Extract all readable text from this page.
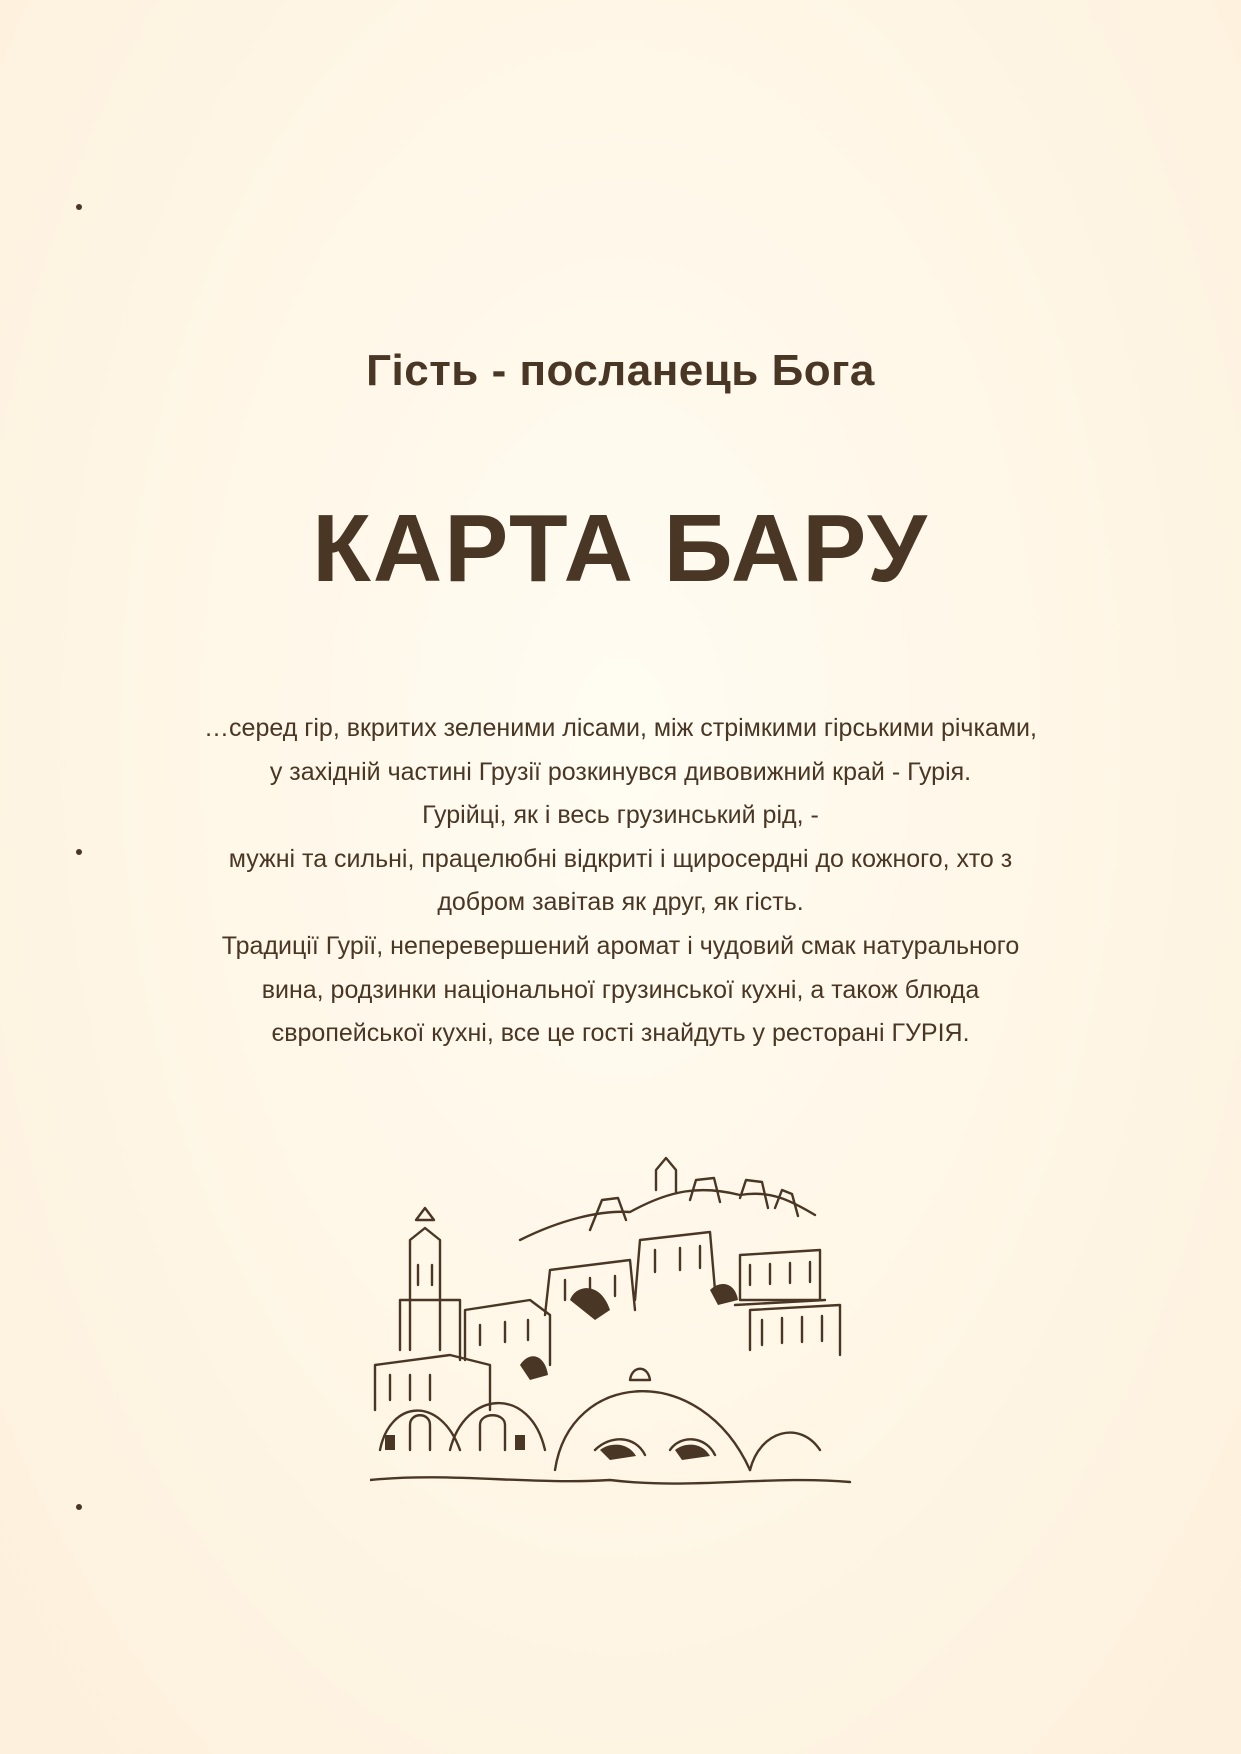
Гість - посланець Бога
КАРТА БАРУ
…серед гір, вкритих зеленими лісами, між стрімкими гірськими річками,
у західній частині Грузії розкинувся дивовижний край - Гурія.
Гурійці, як і весь грузинський рід, -
мужні та сильні, працелюбні відкриті і щиросердні до кожного, хто з
добром завітав як друг, як гість.
Традиції Гурії, неперевершений аромат і чудовий смак натурального
вина, родзинки національної грузинської кухні, а також блюда
європейської кухні, все це гості знайдуть у ресторані ГУРІЯ.
